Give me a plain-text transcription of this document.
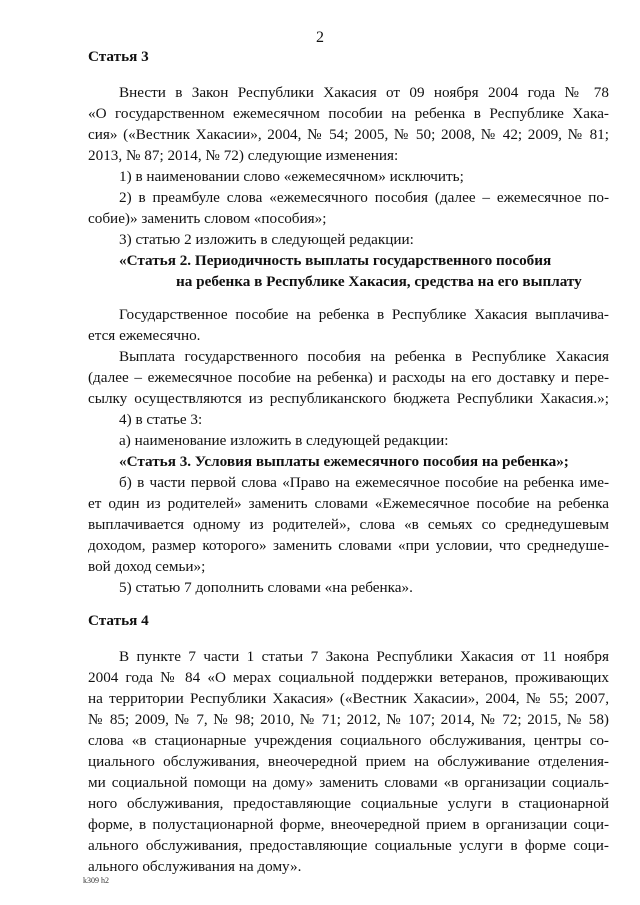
2
Статья 3
Внести в Закон Республики Хакасия от 09 ноября 2004 года № 78
«О государственном ежемесячном пособии на ребенка в Республике Хака-
сия» («Вестник Хакасии», 2004, № 54; 2005, № 50; 2008, № 42; 2009, № 81;
2013, № 87; 2014, № 72) следующие изменения:
1) в наименовании слово «ежемесячном» исключить;
2) в преамбуле слова «ежемесячного пособия (далее – ежемесячное по-
собие)» заменить словом «пособия»;
3) статью 2 изложить в следующей редакции:
«Статья 2. Периодичность выплаты государственного пособия
на ребенка в Республике Хакасия, средства на его выплату
Государственное пособие на ребенка в Республике Хакасия выплачива-
ется ежемесячно.
Выплата государственного пособия на ребенка в Республике Хакасия
(далее – ежемесячное пособие на ребенка) и расходы на его доставку и пере-
сылку осуществляются из республиканского бюджета Республики Хакасия.»;
4) в статье 3:
а) наименование изложить в следующей редакции:
«Статья 3. Условия выплаты ежемесячного пособия на ребенка»;
б) в части первой слова «Право на ежемесячное пособие на ребенка име-
ет один из родителей» заменить словами «Ежемесячное пособие на ребенка
выплачивается одному из родителей», слова «в семьях со среднедушевым
доходом, размер которого» заменить словами «при условии, что среднедуше-
вой доход семьи»;
5) статью 7 дополнить словами «на ребенка».
Статья 4
В пункте 7 части 1 статьи 7 Закона Республики Хакасия от 11 ноября
2004 года № 84 «О мерах социальной поддержки ветеранов, проживающих
на территории Республики Хакасия» («Вестник Хакасии», 2004, № 55; 2007,
№ 85; 2009, № 7, № 98; 2010, № 71; 2012, № 107; 2014, № 72; 2015, № 58)
слова «в стационарные учреждения социального обслуживания, центры со-
циального обслуживания, внеочередной прием на обслуживание отделения-
ми социальной помощи на дому» заменить словами «в организации социаль-
ного обслуживания, предоставляющие социальные услуги в стационарной
форме, в полустационарной форме, внеочередной прием в организации соци-
ального обслуживания, предоставляющие социальные услуги в форме соци-
ального обслуживания на дому».
k309 h2
